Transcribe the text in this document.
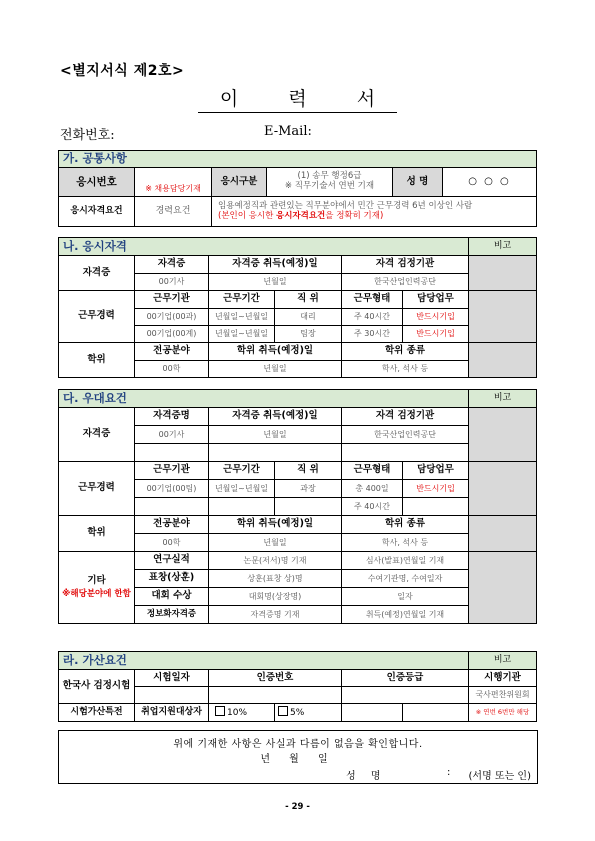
<별지서식 제2호>
이 력 서
전화번호:	E-Mail:
가. 공통사항					
응시번호	※ 채용담당기재	응시구분	(1) 송무 행정6급
※ 직무기술서 연번 기재	성 명	○ ○ ○
응시자격요건	경력요건	임용예정직과 관련있는 직무분야에서 민간 근무경력 6년 이상인 사람
(본인이 응시한 응시자격요건을 정확히 기재)			
나. 응시자격						비고
자격증	자격증	자격증 취득(예정)일		자격 검정기관		
	00기사	년월일		한국산업인력공단		
근무경력	근무기관	근무기간	직 위	근무형태	담당업무	
	00기업(00과)	년월일~년월일	대리	주 40시간	반드시기입	
	00기업(00계)	년월일~년월일	팀장	주 30시간	반드시기입	
학위	전공분야	학위 취득(예정)일		학위 종류		
	00학	년월일		학사, 석사 등		
다. 우대요건						비고
자격증	자격증명	자격증 취득(예정)일		자격 검정기관		
	00기사	년월일		한국산업인력공단		

근무경력	근무기관	근무기간	직 위	근무형태	담당업무	
	00기업(00팀)	년월일~년월일	과장	총 400일	반드시기입	
				주 40시간		
학위	전공분야	학위 취득(예정)일		학위 종류		
	00학	년월일		학사, 석사 등		

기타
※해당분야에 한함	연구실적	논문(저서)명 기재		심사(발표)연월일 기재		
	표창(상훈)	상훈(표창 상)명		수여기관명, 수여일자		
	대회 수상	대회명(상장명)		일자		
	정보화자격증	자격증명 기재		취득(예정)연월일 기재		
라. 가산요건						비고
한국사 검정시험	시험일자	인증번호		인증등급		시행기관
						국사편찬위원회
시험가산특전	취업지원대상자	10%	5%			※ 연번 6번만 해당
위에 기재한 사항은 사실과 다름이 없음을 확인합니다.
년 월 일
성 명	: (서명 또는 인)
- 29 -
